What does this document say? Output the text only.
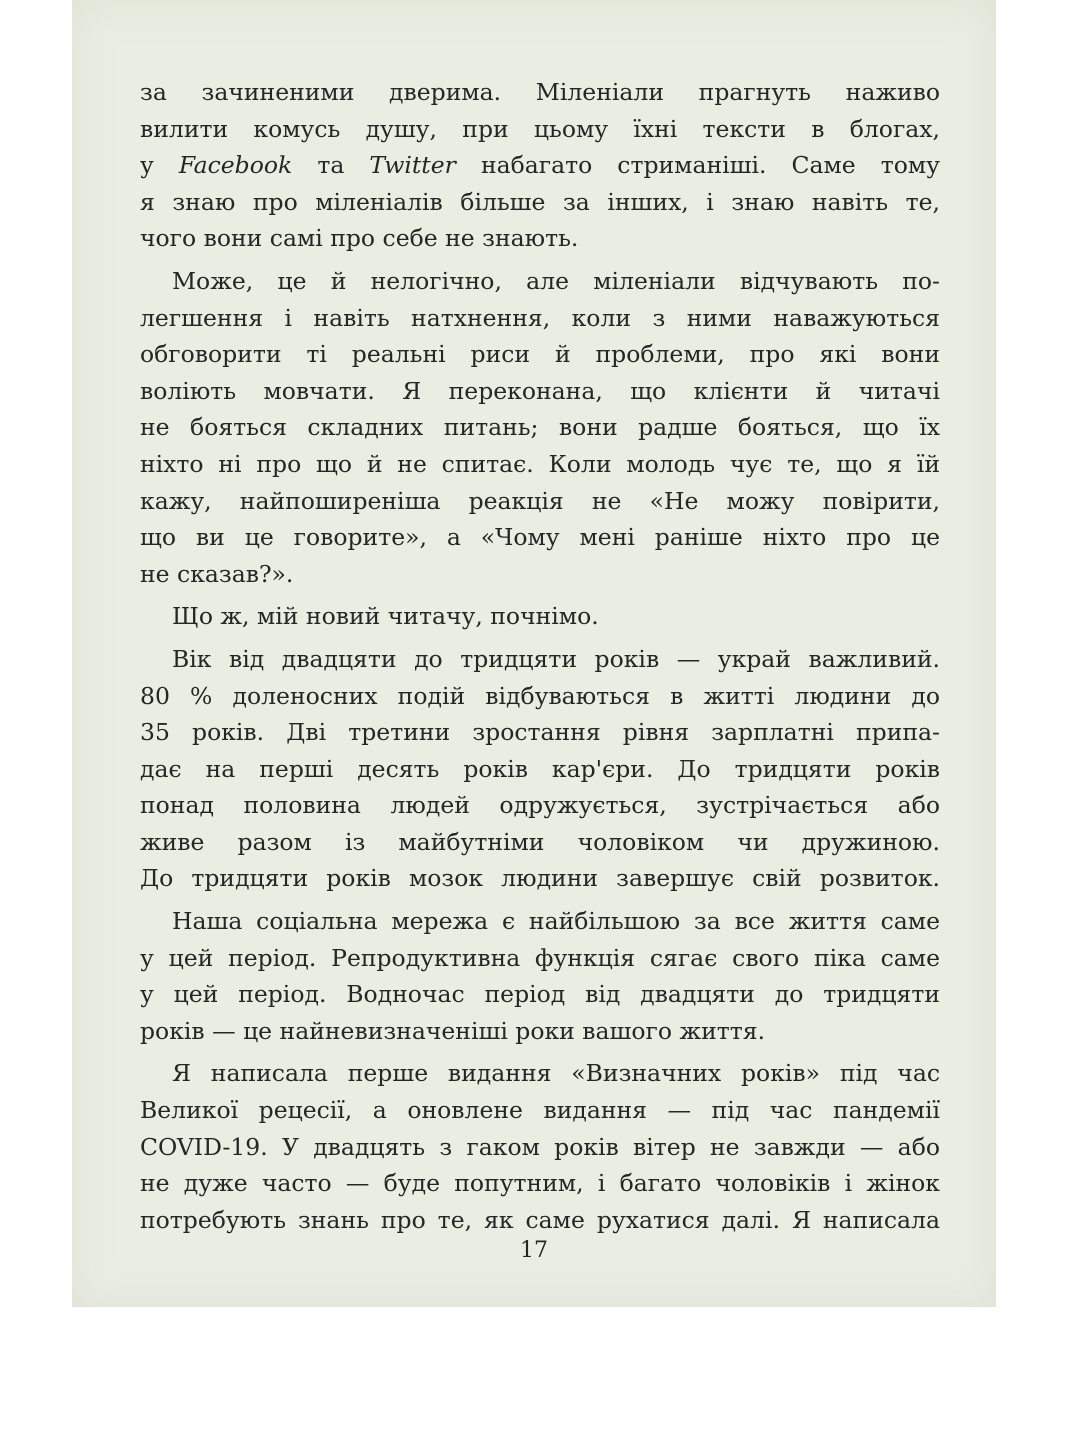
за зачиненими дверима. Міленіали прагнуть наживо
вилити комусь душу, при цьому їхні тексти в блогах,
у Facebook та Twitter набагато стриманіші. Саме тому
я знаю про міленіалів більше за інших, і знаю навіть те,
чого вони самі про себе не знають.
Може, це й нелогічно, але міленіали відчувають по-
легшення і навіть натхнення, коли з ними наважуються
обговорити ті реальні риси й проблеми, про які вони
воліють мовчати. Я переконана, що клієнти й читачі
не бояться складних питань; вони радше бояться, що їх
ніхто ні про що й не спитає. Коли молодь чує те, що я їй
кажу, найпоширеніша реакція не «Не можу повірити,
що ви це говорите», а «Чому мені раніше ніхто про це
не сказав?».
Що ж, мій новий читачу, почнімо.
Вік від двадцяти до тридцяти років — украй важливий.
80 % доленосних подій відбуваються в житті людини до
35 років. Дві третини зростання рівня зарплатні припа-
дає на перші десять років кар'єри. До тридцяти років
понад половина людей одружується, зустрічається або
живе разом із майбутніми чоловіком чи дружиною.
До тридцяти років мозок людини завершує свій розвиток.
Наша соціальна мережа є найбільшою за все життя саме
у цей період. Репродуктивна функція сягає свого піка саме
у цей період. Водночас період від двадцяти до тридцяти
років — це найневизначеніші роки вашого життя.
Я написала перше видання «Визначних років» під час
Великої рецесії, а оновлене видання — під час пандемії
COVID-19. У двадцять з гаком років вітер не завжди — або
не дуже часто — буде попутним, і багато чоловіків і жінок
потребують знань про те, як саме рухатися далі. Я написала
17
